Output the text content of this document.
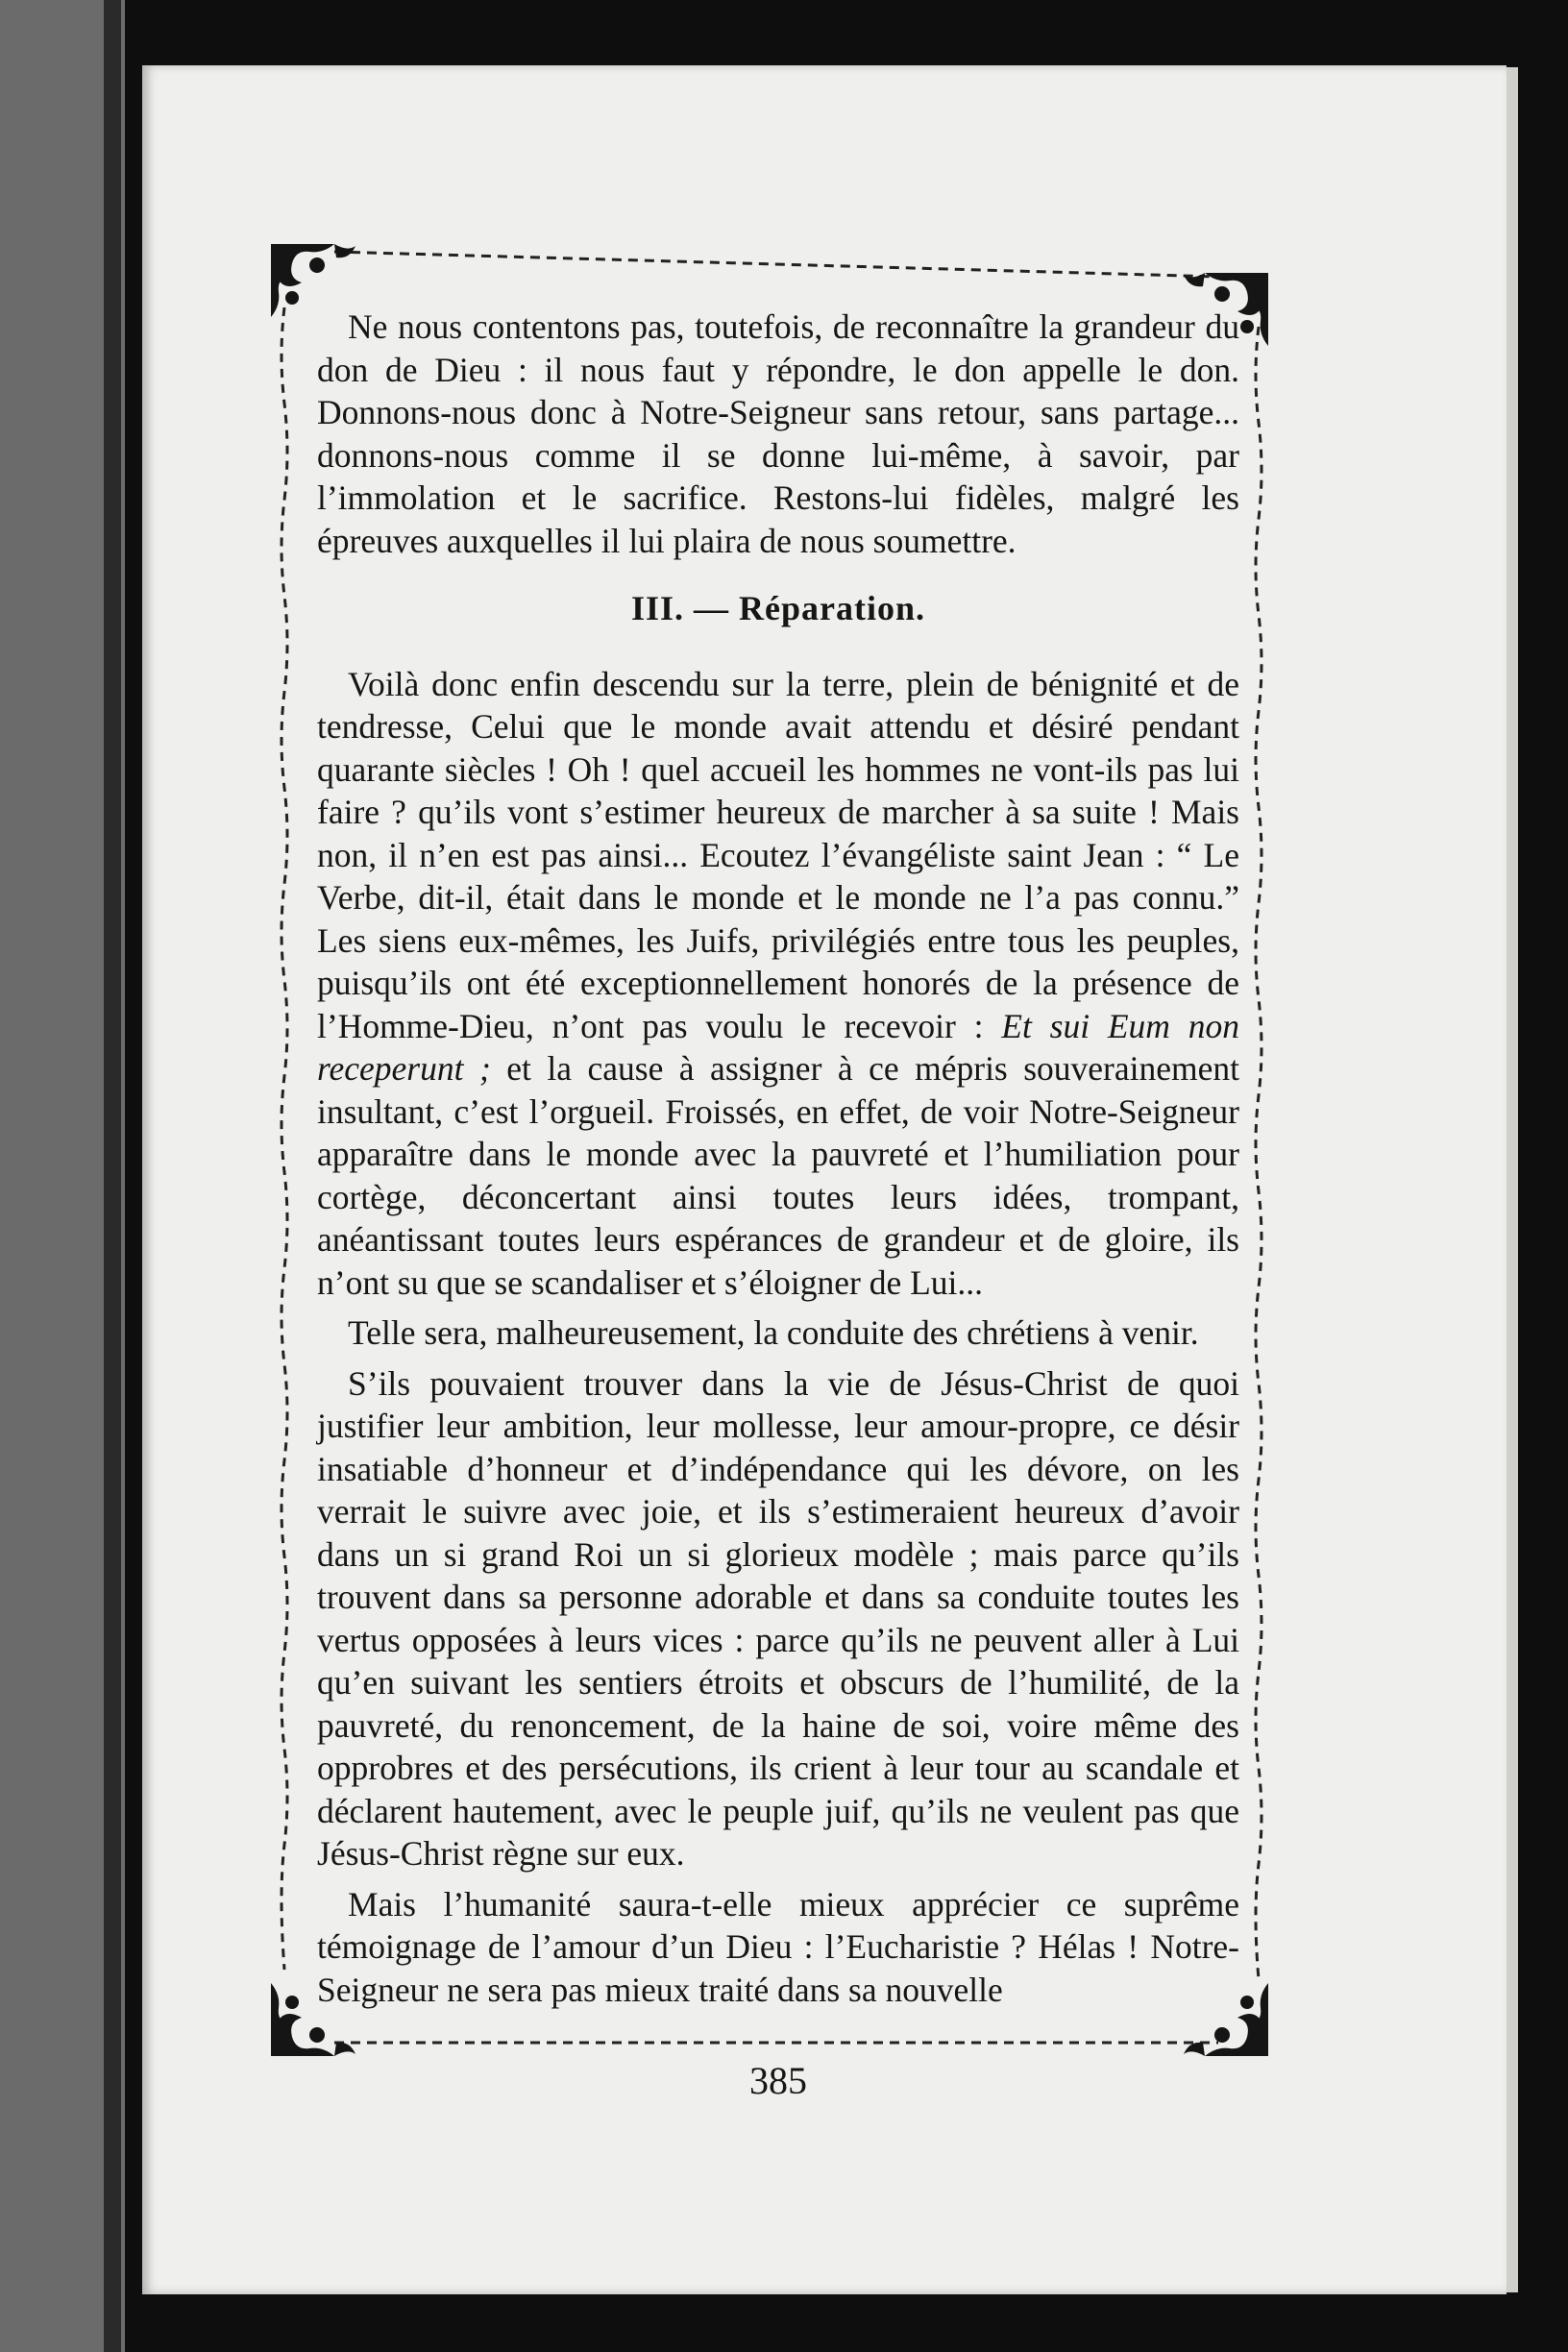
Ne nous contentons pas, toutefois, de reconnaître la grandeur du don de Dieu : il nous faut y répondre, le don appelle le don. Donnons-nous donc à Notre-Seigneur sans retour, sans partage... donnons-nous comme il se donne lui-même, à savoir, par l’immolation et le sacrifice. Restons-lui fidèles, malgré les épreuves auxquelles il lui plaira de nous soumettre.

III. — Réparation.

Voilà donc enfin descendu sur la terre, plein de bénignité et de tendresse, Celui que le monde avait attendu et désiré pendant quarante siècles ! Oh ! quel accueil les hommes ne vont-ils pas lui faire ? qu’ils vont s’estimer heureux de marcher à sa suite ! Mais non, il n’en est pas ainsi... Ecoutez l’évangéliste saint Jean : “ Le Verbe, dit-il, était dans le monde et le monde ne l’a pas connu.” Les siens eux-mêmes, les Juifs, privilégiés entre tous les peuples, puisqu’ils ont été exceptionnellement honorés de la présence de l’Homme-Dieu, n’ont pas voulu le recevoir : Et sui Eum non receperunt ; et la cause à assigner à ce mépris souverainement insultant, c’est l’orgueil. Froissés, en effet, de voir Notre-Seigneur apparaître dans le monde avec la pauvreté et l’humiliation pour cortège, déconcertant ainsi toutes leurs idées, trompant, anéantissant toutes leurs espérances de grandeur et de gloire, ils n’ont su que se scandaliser et s’éloigner de Lui...

Telle sera, malheureusement, la conduite des chrétiens à venir.

S’ils pouvaient trouver dans la vie de Jésus-Christ de quoi justifier leur ambition, leur mollesse, leur amour-propre, ce désir insatiable d’honneur et d’indépendance qui les dévore, on les verrait le suivre avec joie, et ils s’estimeraient heureux d’avoir dans un si grand Roi un si glorieux modèle ; mais parce qu’ils trouvent dans sa personne adorable et dans sa conduite toutes les vertus opposées à leurs vices : parce qu’ils ne peuvent aller à Lui qu’en suivant les sentiers étroits et obscurs de l’humilité, de la pauvreté, du renoncement, de la haine de soi, voire même des opprobres et des persécutions, ils crient à leur tour au scandale et déclarent hautement, avec le peuple juif, qu’ils ne veulent pas que Jésus-Christ règne sur eux.

Mais l’humanité saura-t-elle mieux apprécier ce suprême témoignage de l’amour d’un Dieu : l’Eucharistie ? Hélas ! Notre-Seigneur ne sera pas mieux traité dans sa nouvelle

385
